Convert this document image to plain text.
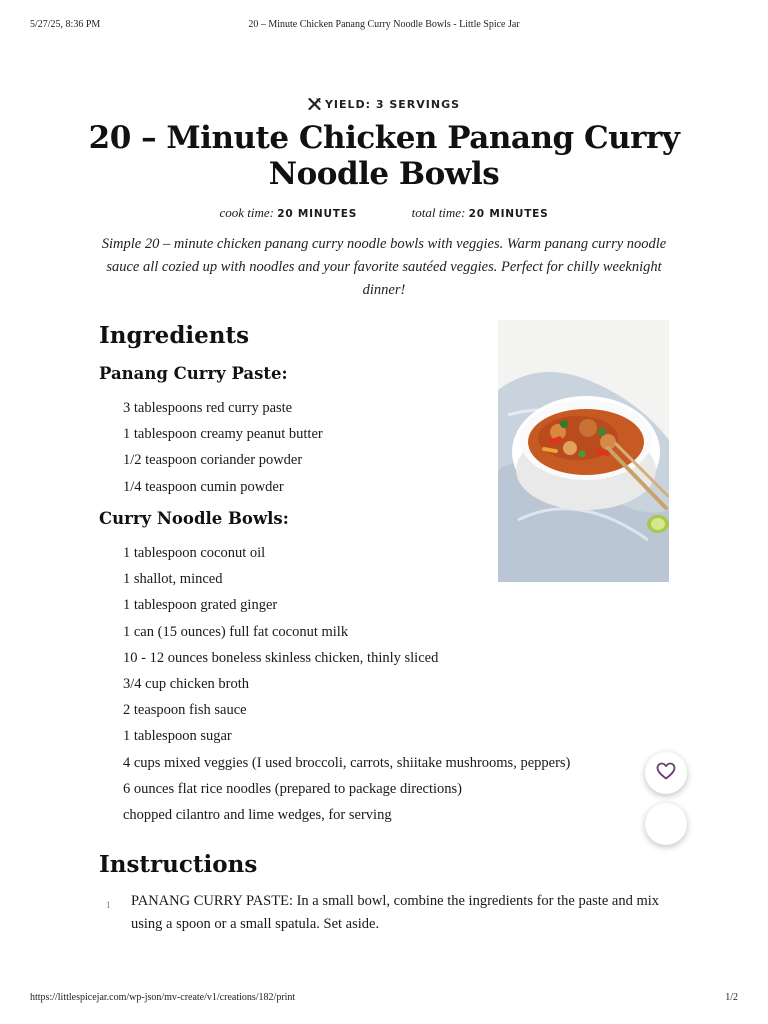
5/27/25, 8:36 PM	20 – Minute Chicken Panang Curry Noodle Bowls - Little Spice Jar
YIELD: 3 SERVINGS
20 – Minute Chicken Panang Curry Noodle Bowls
cook time: 20 MINUTES	total time: 20 MINUTES

Simple 20 – minute chicken panang curry noodle bowls with veggies. Warm panang curry noodle sauce all cozied up with noodles and your favorite sautéed veggies. Perfect for chilly weeknight dinner!

Ingredients
Panang Curry Paste:
3 tablespoons red curry paste
1 tablespoon creamy peanut butter
1/2 teaspoon coriander powder
1/4 teaspoon cumin powder
Curry Noodle Bowls:
1 tablespoon coconut oil
1 shallot, minced
1 tablespoon grated ginger
1 can (15 ounces) full fat coconut milk
10 - 12 ounces boneless skinless chicken, thinly sliced
3/4 cup chicken broth
2 teaspoon fish sauce
1 tablespoon sugar
4 cups mixed veggies (I used broccoli, carrots, shiitake mushrooms, peppers)
6 ounces flat rice noodles (prepared to package directions)
chopped cilantro and lime wedges, for serving
Instructions
1 PANANG CURRY PASTE: In a small bowl, combine the ingredients for the paste and mix using a spoon or a small spatula. Set aside.
https://littlespicejar.com/wp-json/mv-create/v1/creations/182/print	1/2
